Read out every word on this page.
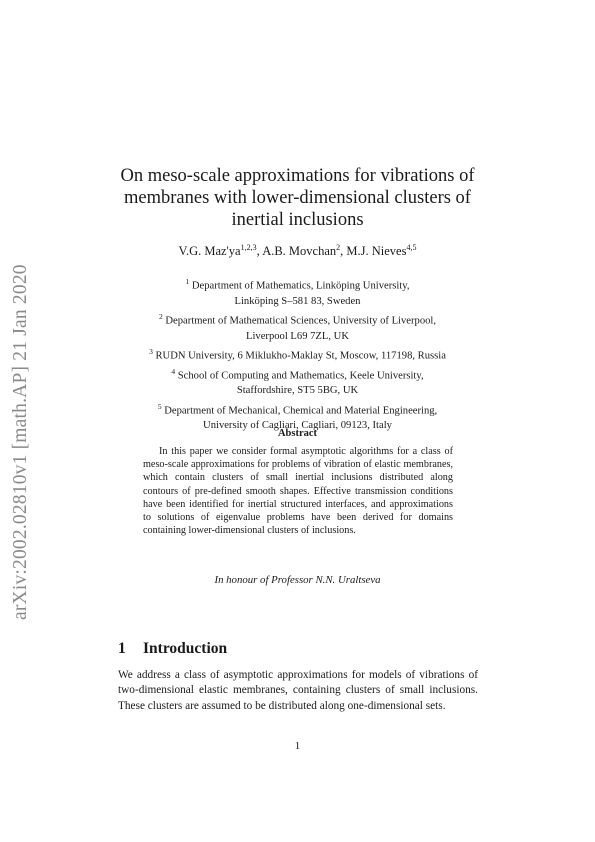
arXiv:2002.02810v1 [math.AP] 21 Jan 2020
On meso-scale approximations for vibrations of
membranes with lower-dimensional clusters of
inertial inclusions
V.G. Maz'ya$^{1,2,3}$, A.B. Movchan$^2$, M.J. Nieves$^{4,5}$
$^1$ Department of Mathematics, Linköping University,
Linköping S–581 83, Sweden
$^2$ Department of Mathematical Sciences, University of Liverpool,
Liverpool L69 7ZL, UK
$^3$ RUDN University, 6 Miklukho-Maklay St, Moscow, 117198, Russia
$^4$ School of Computing and Mathematics, Keele University,
Staffordshire, ST5 5BG, UK
$^5$ Department of Mechanical, Chemical and Material Engineering,
University of Cagliari, Cagliari, 09123, Italy
Abstract

In this paper we consider formal asymptotic algorithms for a class of meso-scale approximations for problems of vibration of elastic membranes, which contain clusters of small inertial inclusions distributed along contours of pre-defined smooth shapes. Effective transmission conditions have been identified for inertial structured interfaces, and approximations to solutions of eigenvalue problems have been derived for domains containing lower-dimensional clusters of inclusions.

In honour of Professor N.N. Uraltseva
1 Introduction

We address a class of asymptotic approximations for models of vibrations of two-dimensional elastic membranes, containing clusters of small inclusions. These clusters are assumed to be distributed along one-dimensional sets.

1
